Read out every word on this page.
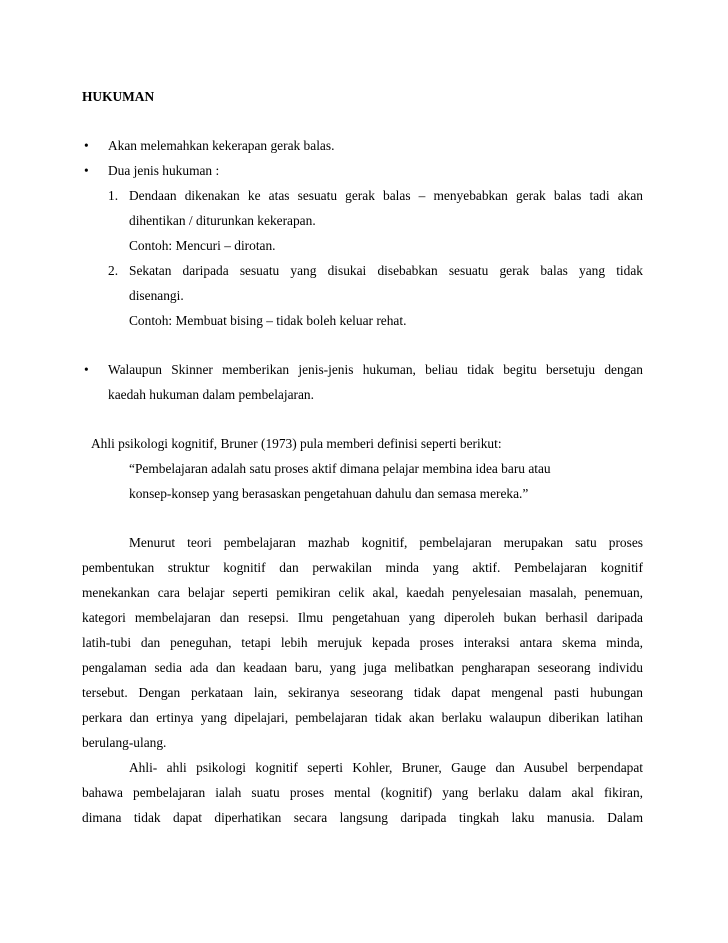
HUKUMAN
• Akan melemahkan kekerapan gerak balas.
• Dua jenis hukuman :
1. Dendaan dikenakan ke atas sesuatu gerak balas – menyebabkan gerak balas tadi akan
dihentikan / diturunkan kekerapan.
Contoh: Mencuri – dirotan.
2. Sekatan daripada sesuatu yang disukai disebabkan sesuatu gerak balas yang tidak
disenangi.
Contoh: Membuat bising – tidak boleh keluar rehat.
• Walaupun Skinner memberikan jenis-jenis hukuman, beliau tidak begitu bersetuju dengan
kaedah hukuman dalam pembelajaran.
Ahli psikologi kognitif, Bruner (1973) pula memberi definisi seperti berikut:
“Pembelajaran adalah satu proses aktif dimana pelajar membina idea baru atau
konsep-konsep yang berasaskan pengetahuan dahulu dan semasa mereka.”
Menurut teori pembelajaran mazhab kognitif, pembelajaran merupakan satu proses
pembentukan struktur kognitif dan perwakilan minda yang aktif. Pembelajaran kognitif
menekankan cara belajar seperti pemikiran celik akal, kaedah penyelesaian masalah, penemuan,
kategori membelajaran dan resepsi. Ilmu pengetahuan yang diperoleh bukan berhasil daripada
latih-tubi dan peneguhan, tetapi lebih merujuk kepada proses interaksi antara skema minda,
pengalaman sedia ada dan keadaan baru, yang juga melibatkan pengharapan seseorang individu
tersebut. Dengan perkataan lain, sekiranya seseorang tidak dapat mengenal pasti hubungan
perkara dan ertinya yang dipelajari, pembelajaran tidak akan berlaku walaupun diberikan latihan
berulang-ulang.
Ahli- ahli psikologi kognitif seperti Kohler, Bruner, Gauge dan Ausubel berpendapat
bahawa pembelajaran ialah suatu proses mental (kognitif) yang berlaku dalam akal fikiran,
dimana tidak dapat diperhatikan secara langsung daripada tingkah laku manusia. Dalam
